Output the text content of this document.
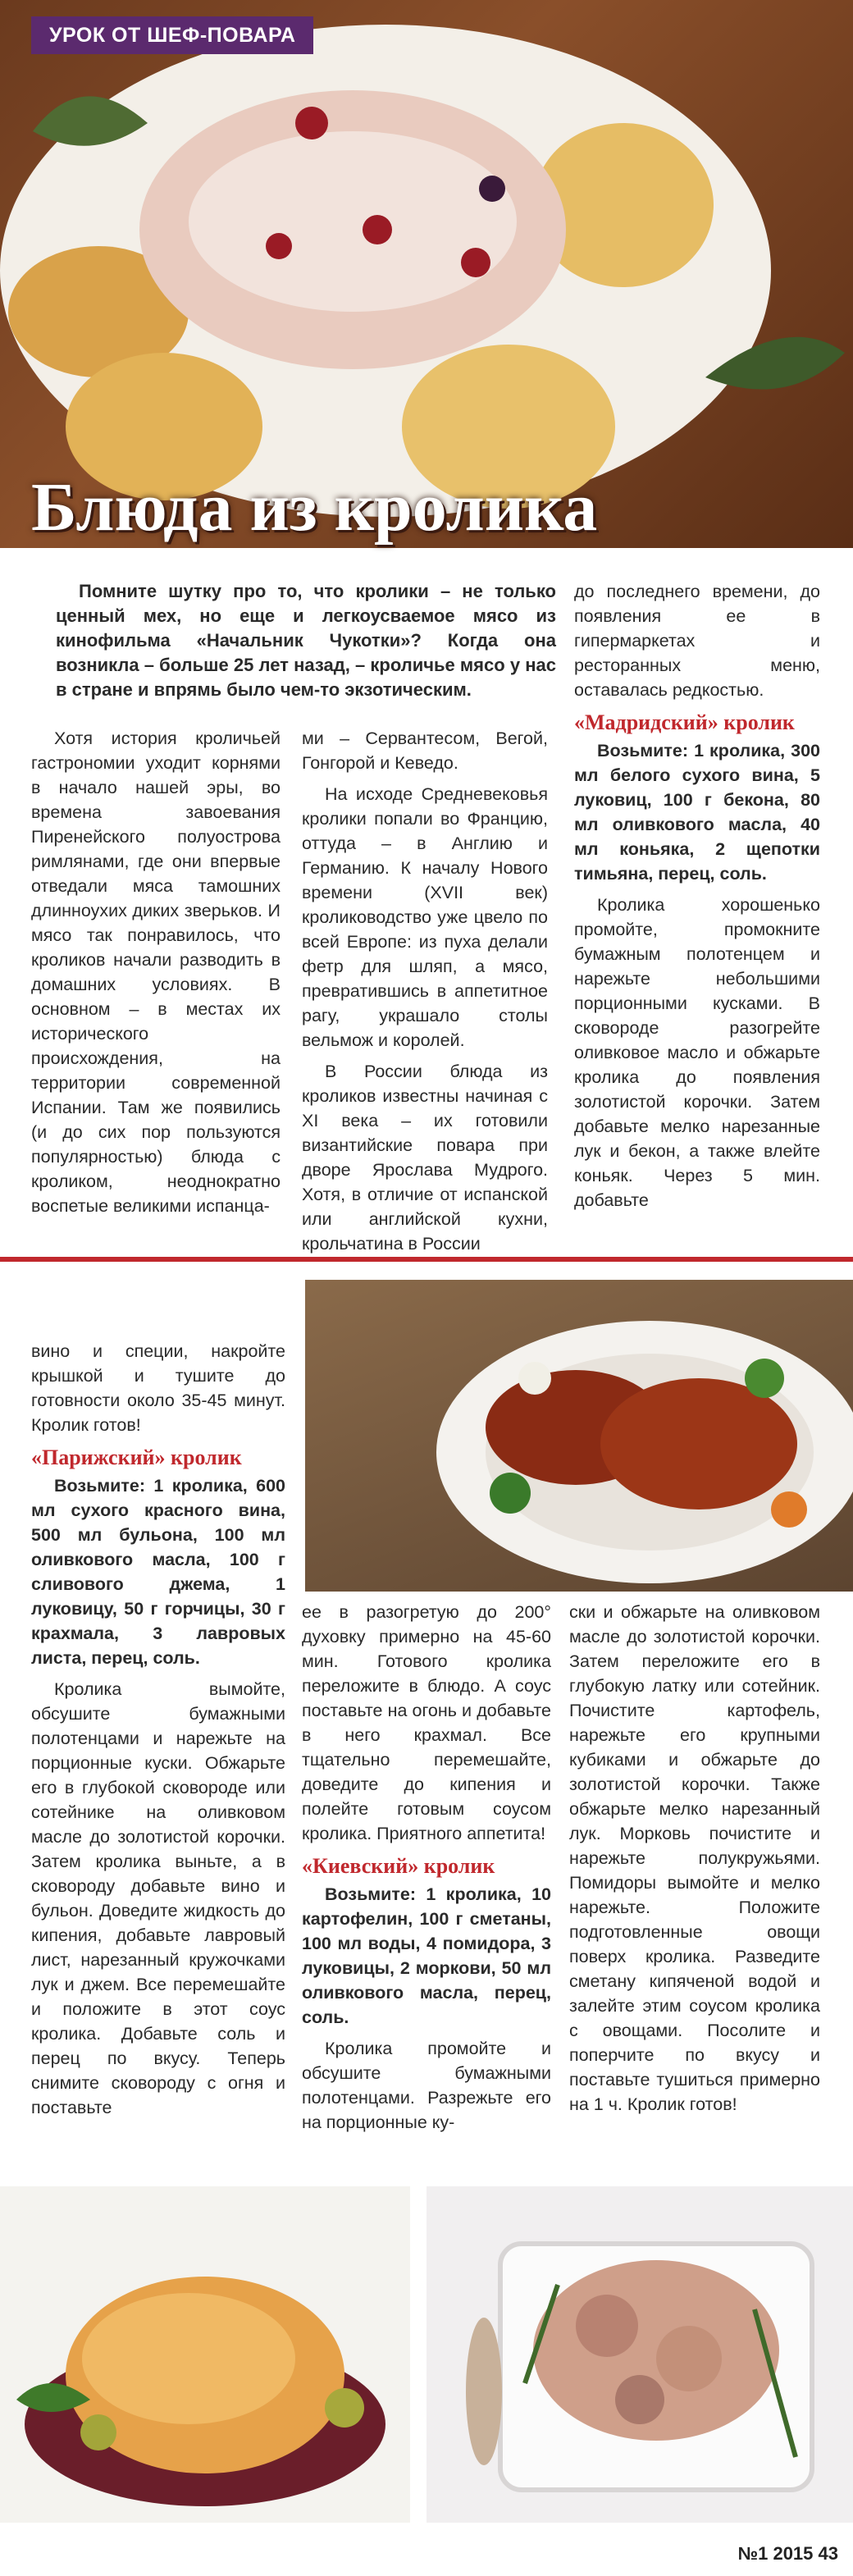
УРОК ОТ ШЕФ-ПОВАРА
Блюда из кролика
Помните шутку про то, что кролики – не только ценный мех, но еще и легкоусваемое мясо из кинофильма «Начальник Чукотки»? Когда она возникла – больше 25 лет назад, – кроличье мясо у нас в стране и впрямь было чем-то экзотическим.

Хотя история кроличьей гастрономии уходит корнями в начало нашей эры, во времена завоевания Пиренейского полуострова римлянами, где они впервые отведали мяса тамошних длинноухих диких зверьков. И мясо так понравилось, что кроликов начали разводить в домашних условиях. В основном – в местах их исторического происхождения, на территории современной Испании. Там же появились (и до сих пор пользуются популярностью) блюда с кроликом, неоднократно воспетые великими испанца-

ми – Сервантесом, Вегой, Гонгорой и Кеведо.

На исходе Средневековья кролики попали во Францию, оттуда – в Англию и Германию. К началу Нового времени (XVII век) кролиководство уже цвело по всей Европе: из пуха делали фетр для шляп, а мясо, превратившись в аппетитное рагу, украшало столы вельмож и королей.

В России блюда из кроликов известны начиная с XI века – их готовили византийские повара при дворе Ярослава Мудрого. Хотя, в отличие от испанской или английской кухни, крольчатина в России

до последнего времени, до появления ее в гипермаркетах и ресторанных меню, оставалась редкостью.

«Мадридский» кролик

Возьмите: 1 кролика, 300 мл белого сухого вина, 5 луковиц, 100 г бекона, 80 мл оливкового масла, 40 мл коньяка, 2 щепотки тимьяна, перец, соль.

Кролика хорошенько промойте, промокните бумажным полотенцем и нарежьте небольшими порционными кусками. В сковороде разогрейте оливковое масло и обжарьте кролика до появления золотистой корочки. Затем добавьте мелко нарезанные лук и бекон, а также влейте коньяк. Через 5 мин. добавьте

вино и специи, накройте крышкой и тушите до готовности около 35-45 минут. Кролик готов!

«Парижский» кролик

Возьмите: 1 кролика, 600 мл сухого красного вина, 500 мл бульона, 100 мл оливкового масла, 100 г сливового джема, 1 луковицу, 50 г горчицы, 30 г крахмала, 3 лавровых листа, перец, соль.

Кролика вымойте, обсушите бумажными полотенцами и нарежьте на порционные куски. Обжарьте его в глубокой сковороде или сотейнике на оливковом масле до золотистой корочки. Затем кролика выньте, а в сковороду добавьте вино и бульон. Доведите жидкость до кипения, добавьте лавровый лист, нарезанный кружочками лук и джем. Все перемешайте и положите в этот соус кролика. Добавьте соль и перец по вкусу. Теперь снимите сковороду с огня и поставьте

ее в разогретую до 200° духовку примерно на 45-60 мин. Готового кролика переложите в блюдо. А соус поставьте на огонь и добавьте в него крахмал. Все тщательно перемешайте, доведите до кипения и полейте готовым соусом кролика. Приятного аппетита!

«Киевский» кролик

Возьмите: 1 кролика, 10 картофелин, 100 г сметаны, 100 мл воды, 4 помидора, 3 луковицы, 2 моркови, 50 мл оливкового масла, перец, соль.

Кролика промойте и обсушите бумажными полотенцами. Разрежьте его на порционные ку-

ски и обжарьте на оливковом масле до золотистой корочки. Затем переложите его в глубокую латку или сотейник. Почистите картофель, нарежьте его крупными кубиками и обжарьте до золотистой корочки. Также обжарьте мелко нарезанный лук. Морковь почистите и нарежьте полукружьями. Помидоры вымойте и мелко нарежьте. Положите подготовленные овощи поверх кролика. Разведите сметану кипяченой водой и залейте этим соусом кролика с овощами. Посолите и поперчите по вкусу и поставьте тушиться примерно на 1 ч. Кролик готов!

№1 2015 43
